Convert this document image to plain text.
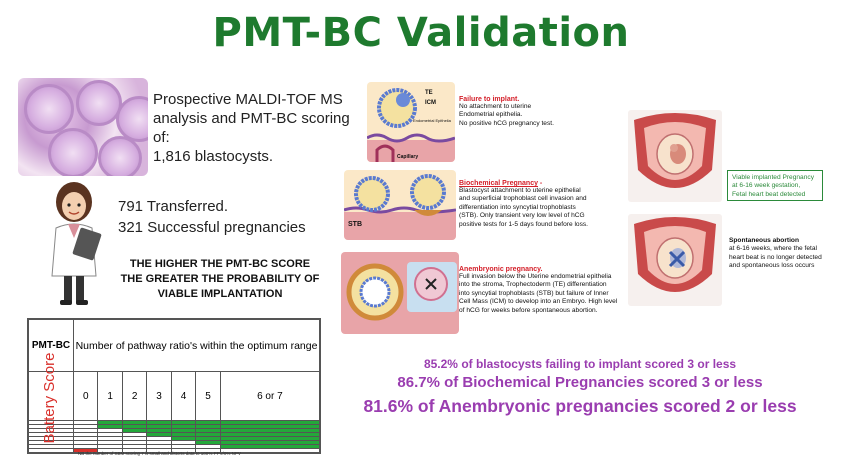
PMT-BC Validation
Prospective MALDI-TOF MS
analysis and PMT-BC scoring
of:
1,816 blastocysts.
791 Transferred.
321 Successful pregnancies
THE HIGHER THE PMT-BC SCORE
THE GREATER THE PROBABILITY OF
VIABLE IMPLANTATION
PMT-BC	Number of pathway ratio's within the optimum range						
	0	1	2	3	4	5	6 or 7

Battery Score
NB the number of SBM scoring 7 is small and distorts data to 100% PPV/0% NPV
TE
ICM
Endometrial Epithelia
Capillary
STB
Failure to implant.
No attachment to uterine
Endometrial epithelia.
No positive hCG pregnancy test.
Biochemical Pregnancy -
Blastocyst attachment to uterine epithelial
and superficial trophoblast cell invasion and
differentiation into syncytial trophoblasts
(STB). Only transient very low level of hCG
positive tests for 1-5 days found before loss.
Anembryonic pregnancy.
Full invasion below the Uterine endometrial epithelia
into the stroma, Trophectoderm (TE) differentiation
into syncytial trophoblasts (STB) but failure of Inner
Cell Mass (ICM) to develop into an Embryo. High level
of hCG for weeks before spontaneous abortion.
Viable implanted Pregnancy
at 6-16 week gestation,
Fetal heart beat detected
Spontaneous abortion
at 6-16 weeks, where the fetal
heart beat is no longer detected
and spontaneous loss occurs
85.2% of blastocysts failing to implant scored 3 or less
86.7% of Biochemical Pregnancies scored 3 or less
81.6% of Anembryonic pregnancies scored 2 or less
